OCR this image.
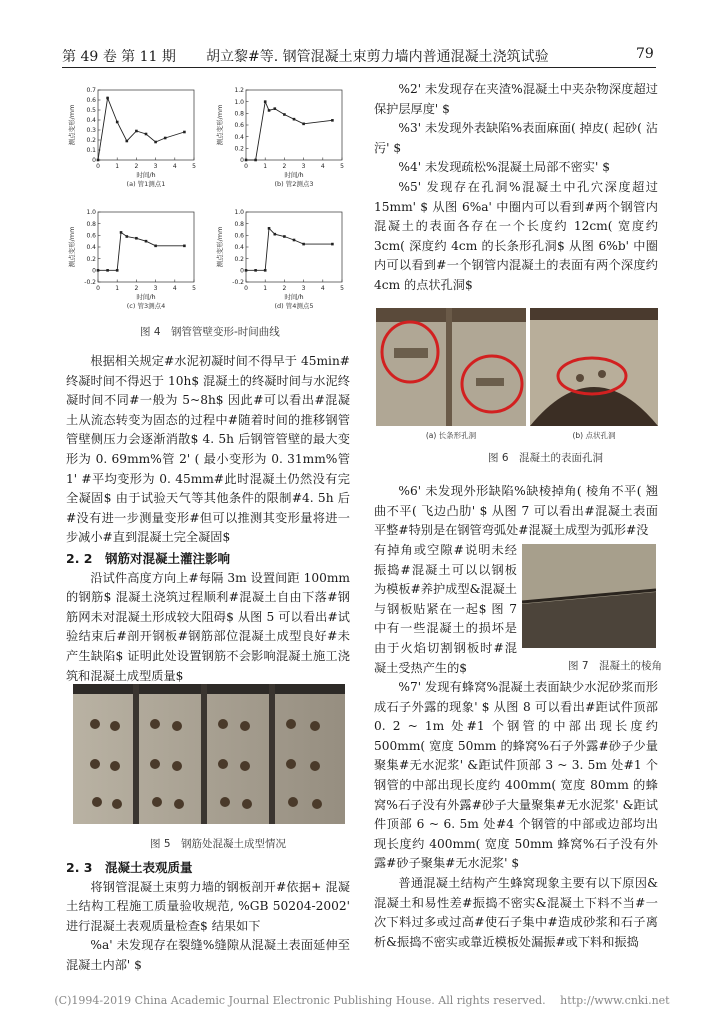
第 49 卷 第 11 期 胡立黎#等. 钢管混凝土束剪力墙内普通混凝土浇筑试验	79
0
0.1
0.2
0.3
0.4
0.5
0.6
0.7
0	1	2	3	4	5
时间/h
测点变形/mm
(a) 管1测点1
0
0.2
0.4
0.6
0.8
1.0
1.2
0	1	2	3	4	5
时间/h
测点变形/mm
(b) 管2测点3
-0.2
0
0.2
0.4
0.6
0.8
1.0
0	1	2	3	4	5
时间/h
测点变形/mm
(c) 管3测点4
-0.2
0
0.2
0.4
0.6
0.8
1.0
0	1	2	3	4	5
时间/h
测点变形/mm
(d) 管4测点5
图 4　钢管管壁变形-时间曲线

根据相关规定#水泥初凝时间不得早于 45min#终凝时间不得迟于 10h$ 混凝土的终凝时间与水泥终凝时间不同#一般为 5~8h$ 因此#可以看出#混凝土从流态转变为固态的过程中#随着时间的推移钢管管壁侧压力会逐渐消散$ 4. 5h 后钢管管壁的最大变形为 0. 69mm%管 2' ( 最小变形为 0. 31mm%管 1' #平均变形为 0. 45mm#此时混凝土仍然没有完全凝固$ 由于试验天气等其他条件的限制#4. 5h 后#没有进一步测量变形#但可以推测其变形量将进一步减小#直到混凝土完全凝固$

2. 2　钢筋对混凝土灌注影响

沿试件高度方向上#每隔 3m 设置间距 100mm 的钢筋$ 混凝土浇筑过程顺利#混凝土自由下落#钢筋网未对混凝土形成较大阻碍$ 从图 5 可以看出#试验结束后#剖开钢板#钢筋部位混凝土成型良好#未产生缺陷$ 证明此处设置钢筋不会影响混凝土施工浇筑和混凝土成型质量$

图 5　钢筋处混凝土成型情况

2. 3　混凝土表观质量

将钢管混凝土束剪力墙的钢板剖开#依据+ 混凝土结构工程施工质量验收规范, %GB 50204-2002' 进行混凝土表观质量检查$ 结果如下

%a' 未发现存在裂缝%缝隙从混凝土表面延伸至混凝土内部' $

%2' 未发现存在夹渣%混凝土中夹杂物深度超过保护层厚度' $

%3' 未发现外表缺陷%表面麻面( 掉皮( 起砂( 沾污' $

%4' 未发现疏松%混凝土局部不密实' $

%5' 发现存在孔洞%混凝土中孔穴深度超过 15mm' $ 从图 6%a' 中圈内可以看到#两个钢管内混凝土的表面各存在一个长度约 12cm( 宽度约 3cm( 深度约 4cm 的长条形孔洞$ 从图 6%b' 中圈内可以看到#一个钢管内混凝土的表面有两个深度约 4cm 的点状孔洞$

(a) 长条形孔洞	(b) 点状孔洞
图 6　混凝土的表面孔洞

%6' 未发现外形缺陷%缺棱掉角( 棱角不平( 翘曲不平( 飞边凸肋' $ 从图 7 可以看出#混凝土表面平整#特别是在钢管弯弧处#混凝土成型为弧形#没

有掉角或空隙#说明未经振捣#混凝土可以以钢板为模板#养护成型&混凝土与钢板贴紧在一起$ 图 7 中有一些混凝土的损坏是由于火焰切割钢板时#混凝土受热产生的$	图 7　混凝土的棱角

%7' 发现有蜂窝%混凝土表面缺少水泥砂浆而形成石子外露的现象' $ 从图 8 可以看出#距试件顶部 0. 2 ~ 1m 处#1 个钢管的中部出现长度约 500mm( 宽度 50mm 的蜂窝%石子外露#砂子少量聚集#无水泥浆' &距试件顶部 3 ~ 3. 5m 处#1 个钢管的中部出现长度约 400mm( 宽度 80mm 的蜂窝%石子没有外露#砂子大量聚集#无水泥浆' &距试件顶部 6 ~ 6. 5m 处#4 个钢管的中部或边部均出现长度约 400mm( 宽度 50mm 蜂窝%石子没有外露#砂子聚集#无水泥浆' $

普通混凝土结构产生蜂窝现象主要有以下原因&混凝土和易性差#振捣不密实&混凝土下料不当#一次下料过多或过高#使石子集中#造成砂浆和石子离析&振捣不密实或靠近模板处漏振#或下料和振捣

(C)1994-2019 China Academic Journal Electronic Publishing House. All rights reserved.　 http://www.cnki.net
